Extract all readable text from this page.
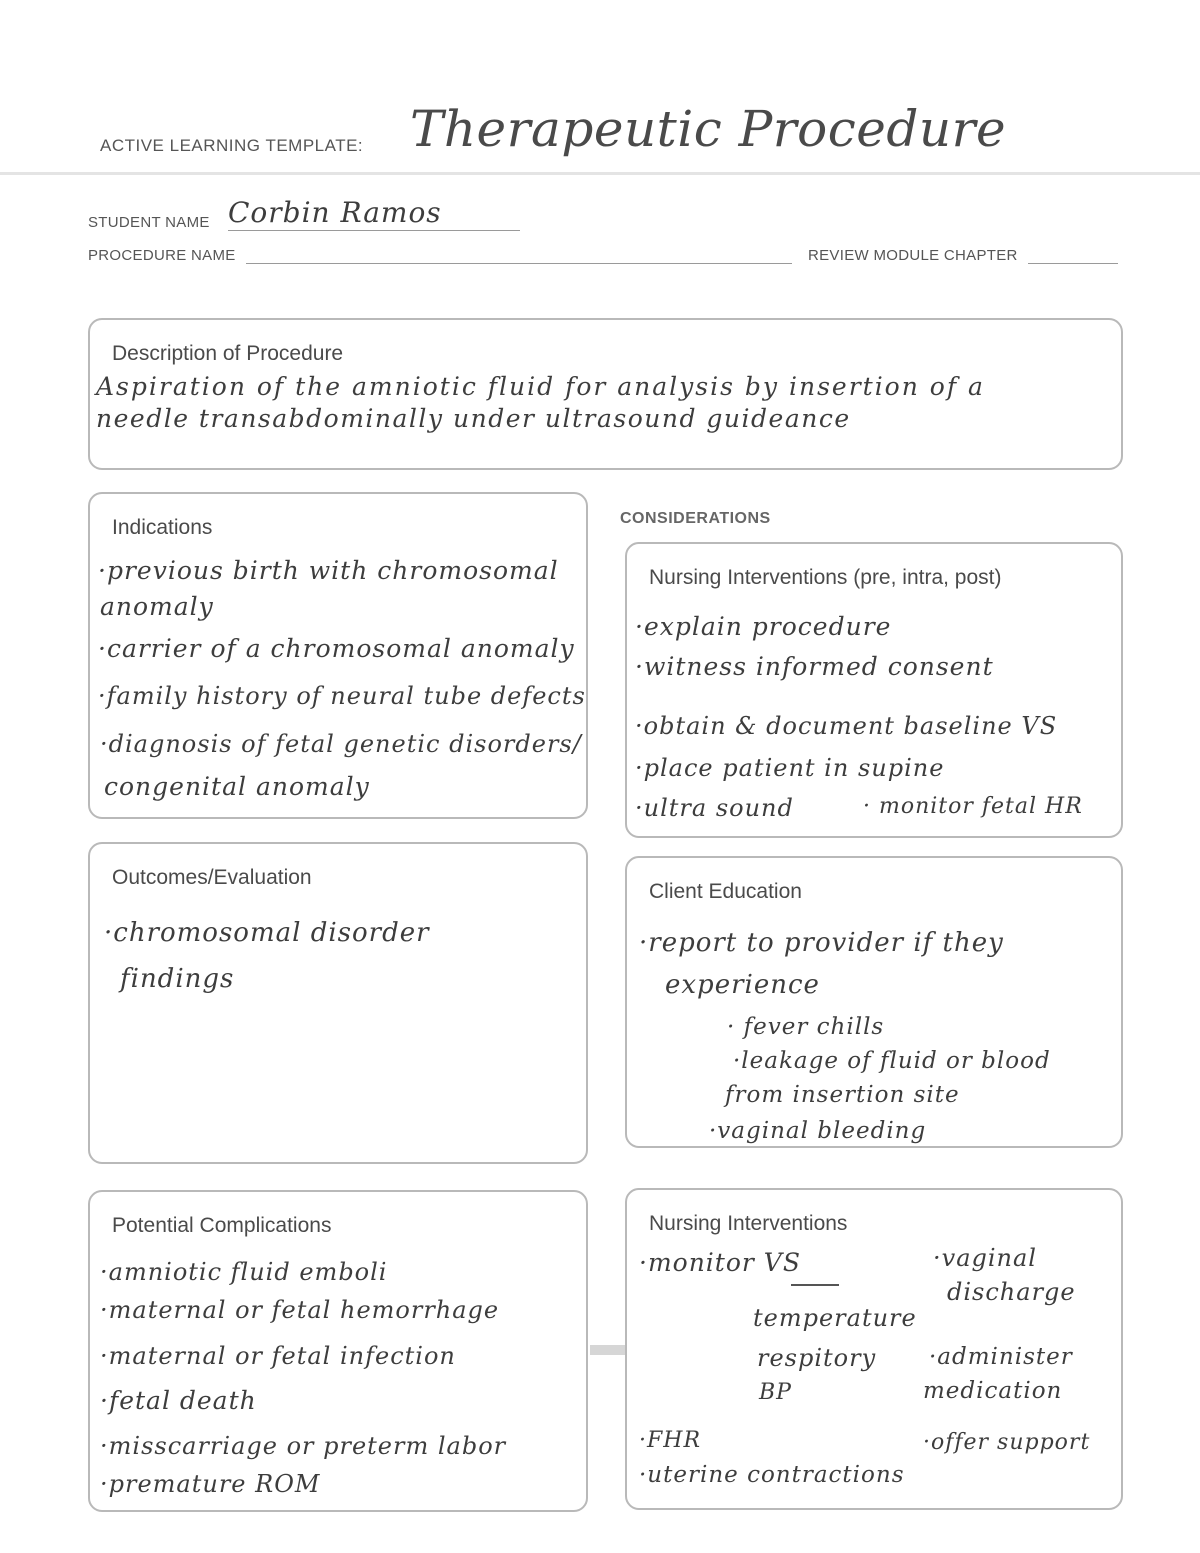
ACTIVE LEARNING TEMPLATE: Therapeutic Procedure
STUDENT NAME Corbin Ramos
PROCEDURE NAME	REVIEW MODULE CHAPTER
Description of Procedure
Aspiration of the amniotic fluid for analysis by insertion of a
needle transabdominally under ultrasound guideance
Indications
·previous birth with chromosomal
anomaly
·carrier of a chromosomal anomaly
·family history of neural tube defects
·diagnosis of fetal genetic disorders/
congenital anomaly
CONSIDERATIONS
Nursing Interventions (pre, intra, post)
·explain procedure
·witness informed consent
·obtain & document baseline VS
·place patient in supine
·ultra sound	· monitor fetal HR
Outcomes/Evaluation
·chromosomal disorder
findings
Client Education
·report to provider if they
experience
· fever chills
·leakage of fluid or blood
from insertion site
·vaginal bleeding
Potential Complications
·amniotic fluid emboli
·maternal or fetal hemorrhage
·maternal or fetal infection
·fetal death
·misscarriage or preterm labor
·premature ROM
Nursing Interventions
·monitor VS
temperature
respitory
BP
·FHR
·uterine contractions
·vaginal
discharge
·administer
medication
·offer support
